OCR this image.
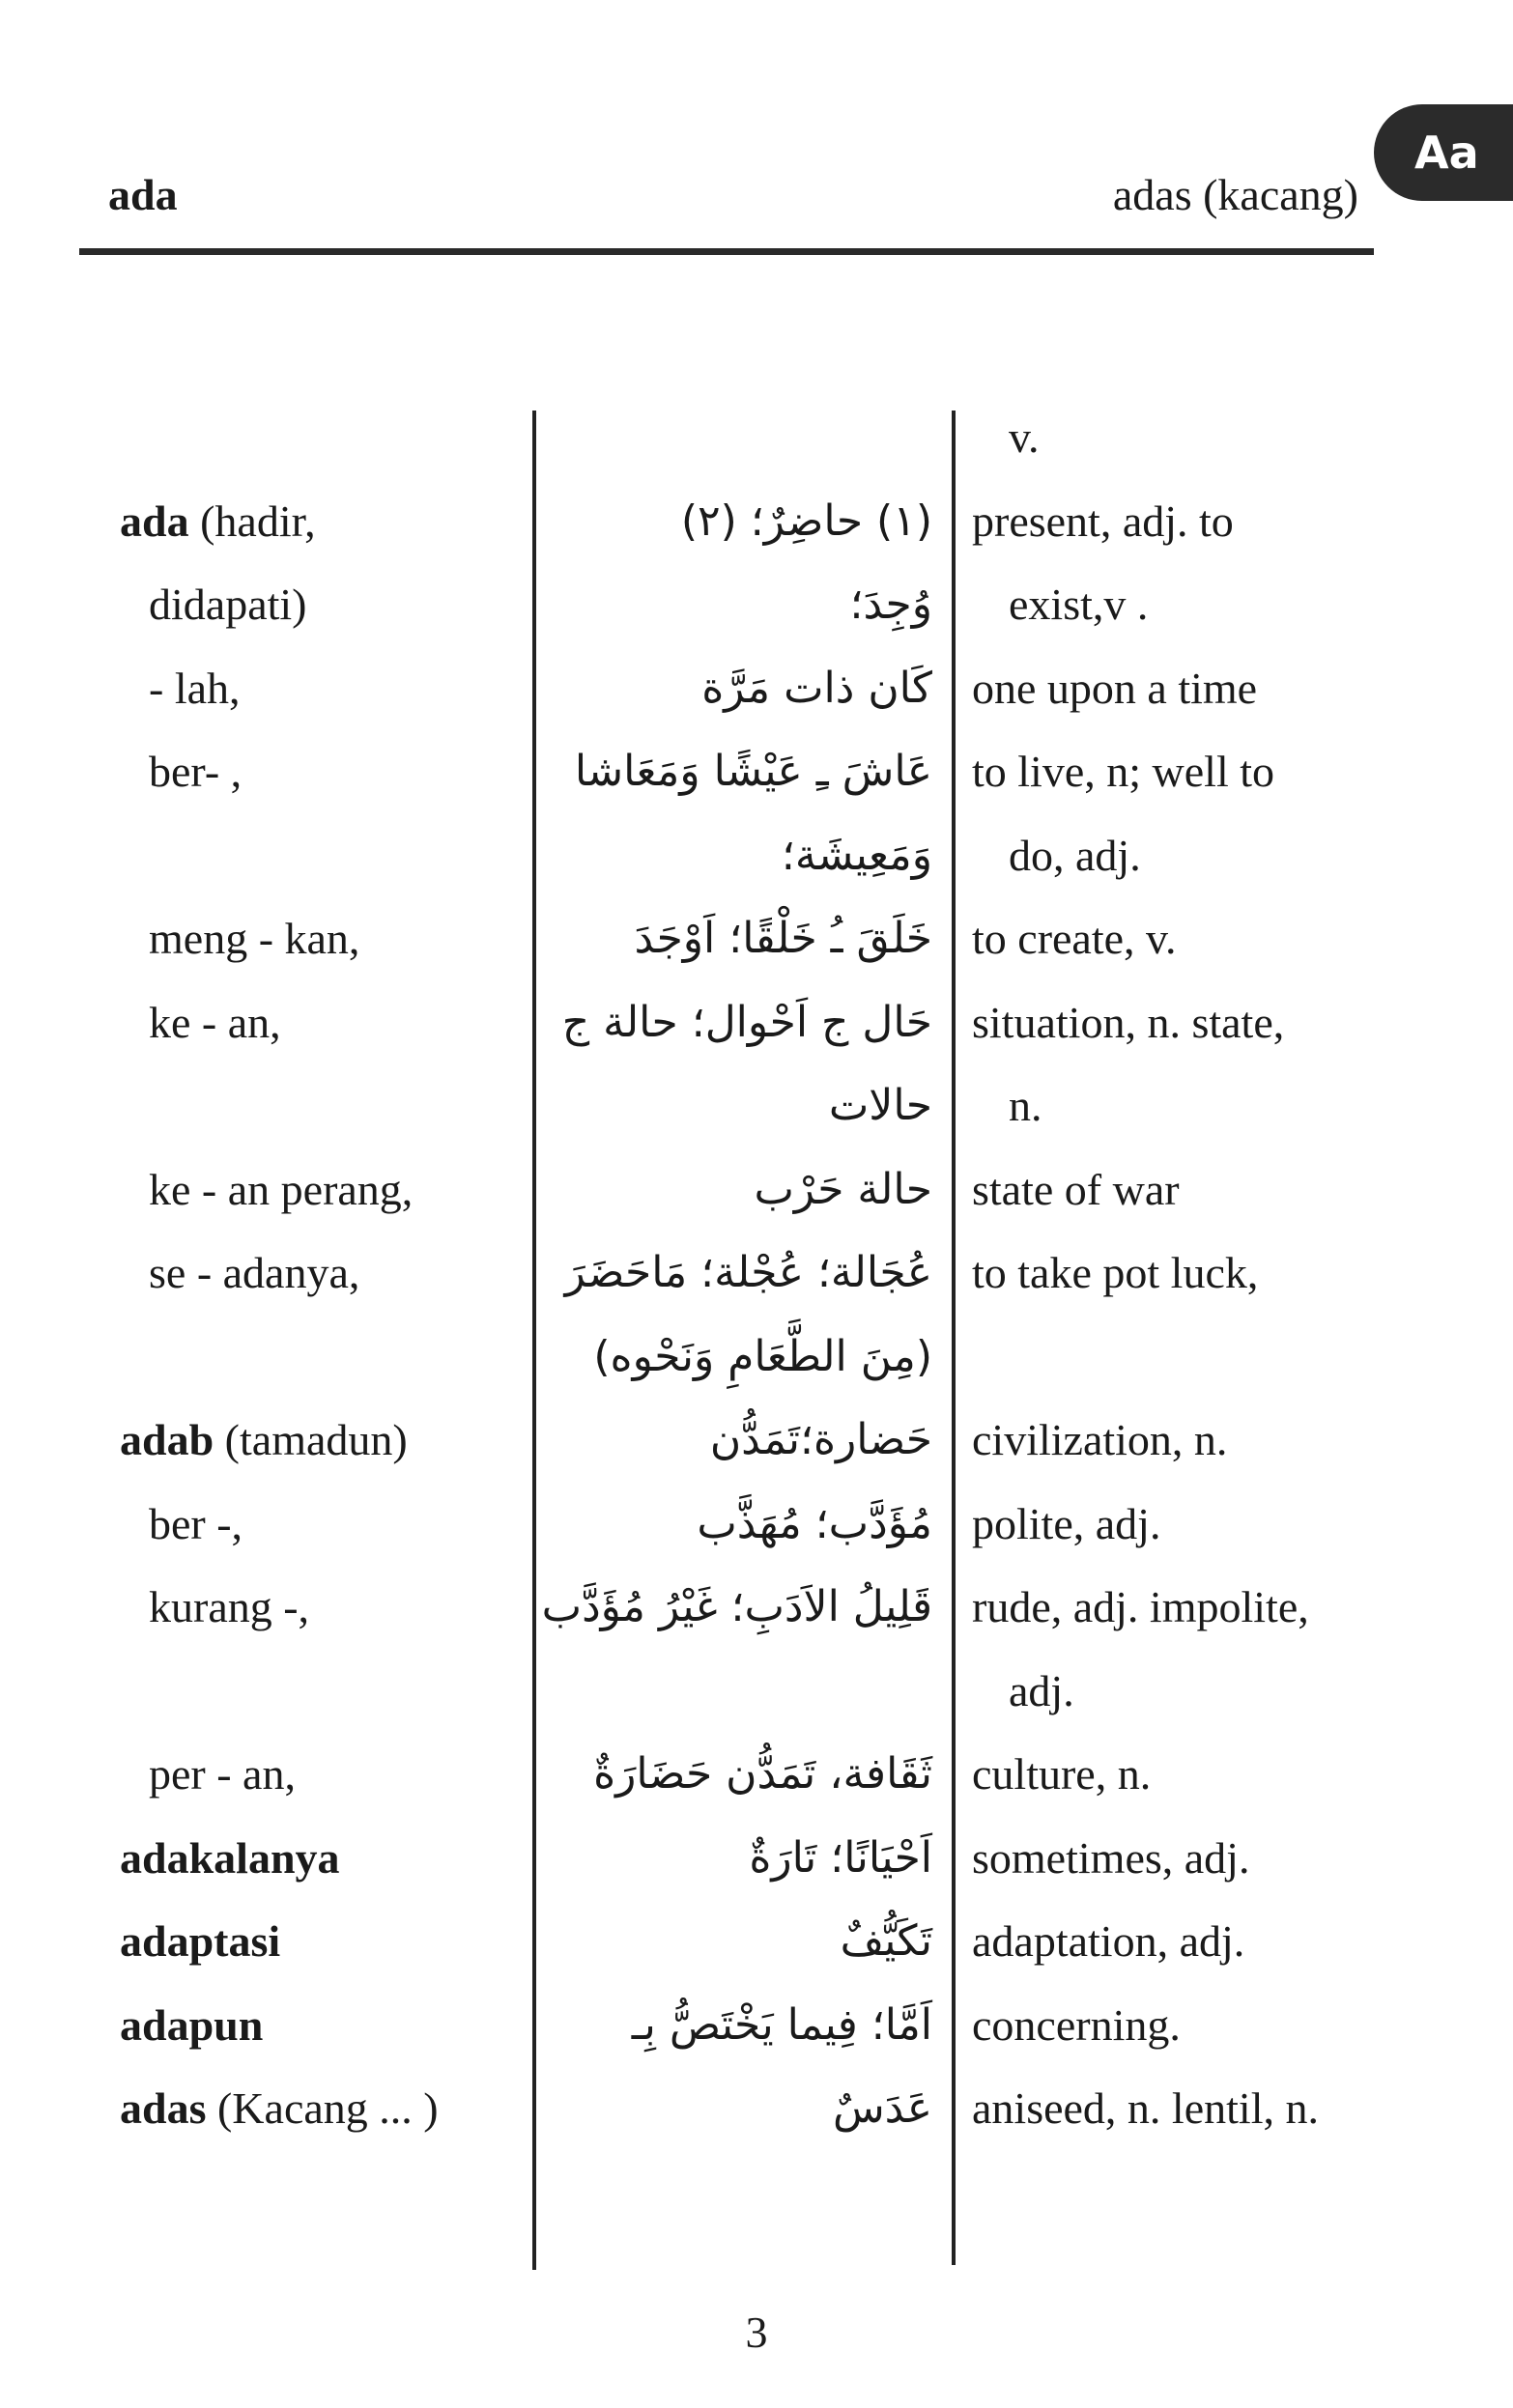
Aa
ada	adas (kacang)
v.
ada (hadir,	(١) حاضِرٌ؛ (٢) present, adj. to
didapati)	وُجِدَ؛	exist,v .
- lah,	كَان ذات مَرَّة one upon a time
ber- ,	عَاشَ ـِ عَيْشًا وَمَعَاشا to live, n; well to
وَمَعِيشَة؛	do, adj.
meng - kan,	خَلَقَ ـُ خَلْقًا؛ اَوْجَدَ to create, v.
ke - an,	حَال ج اَحْوال؛ حالة ج situation, n. state,
حالات	n.
ke - an perang,	حالة حَرْب state of war
se - adanya,	عُجَالة؛ عُجْلة؛ مَاحَضَرَ to take pot luck,
(مِنَ الطَّعَامِ وَنَحْوه)
adab (tamadun)	حَضارة؛تَمَدُّن civilization, n.
ber -,	مُؤَدَّب؛ مُهَذَّب polite, adj.
kurang -,	قَلِيلُ الاَدَبِ؛ غَيْرُ مُؤَدَّب rude, adj. impolite,
adj.
per - an,	ثَقَافة، تَمَدُّن حَضَارَةٌ culture, n.
adakalanya	اَحْيَانًا؛ تَارَةٌ sometimes, adj.
adaptasi	تَكَيُّفٌ adaptation, adj.
adapun	اَمَّا؛ فِيما يَخْتَصُّ بِـ concerning.
adas (Kacang ... )	عَدَسٌ aniseed, n. lentil, n.
3
